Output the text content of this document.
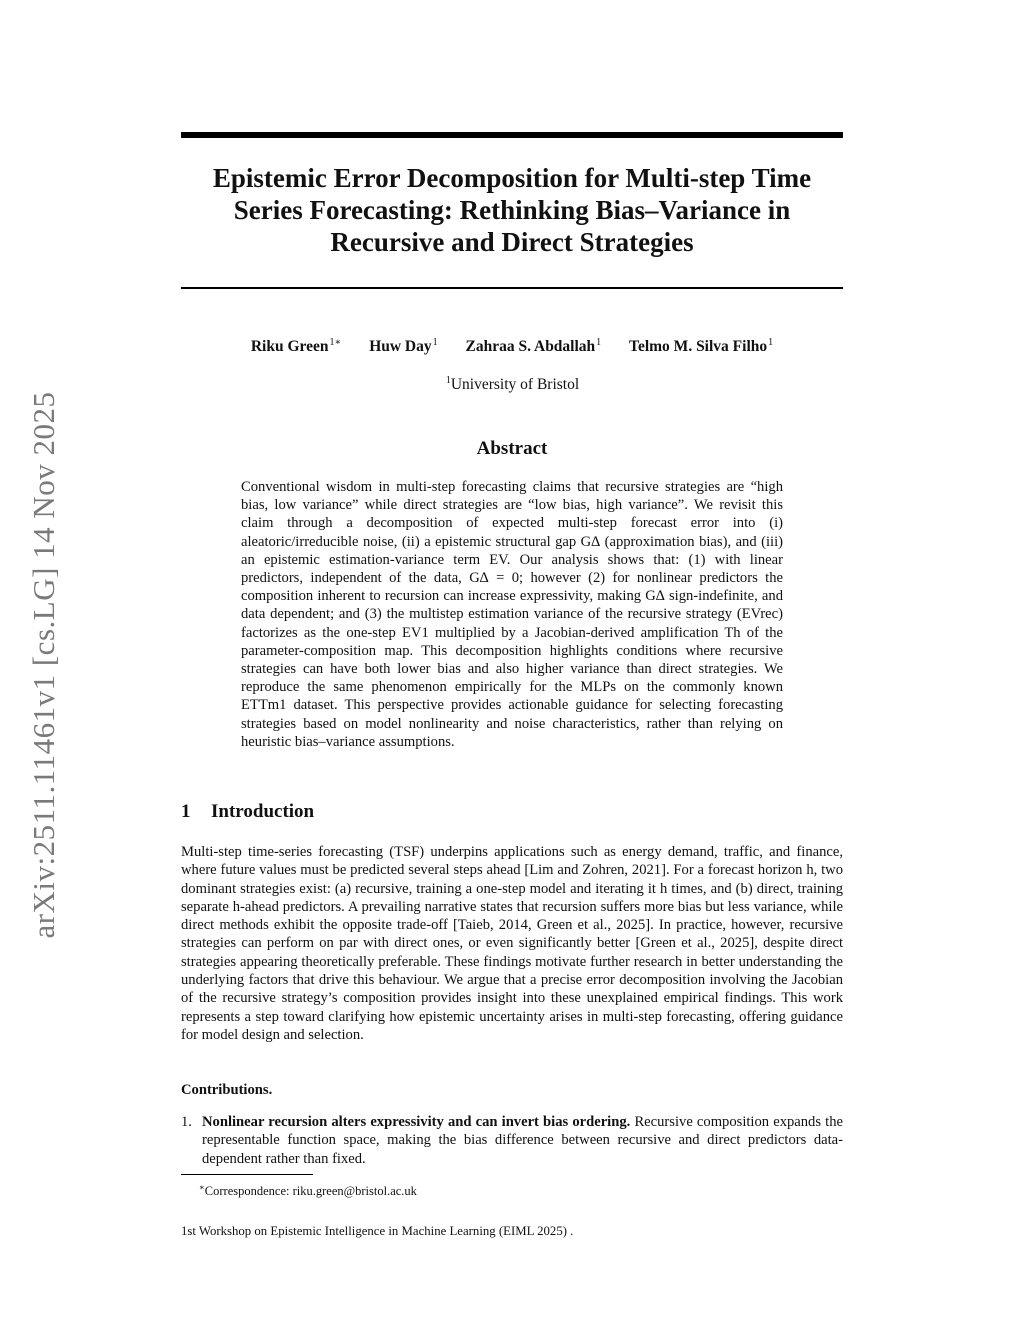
arXiv:2511.11461v1 [cs.LG] 14 Nov 2025
Epistemic Error Decomposition for Multi-step Time Series Forecasting: Rethinking Bias–Variance in Recursive and Direct Strategies
Riku Green$^{1∗}$ Huw Day$^1$ Zahraa S. Abdallah$^1$ Telmo M. Silva Filho$^1$
$^1$University of Bristol
Abstract

Conventional wisdom in multi-step forecasting claims that recursive strategies are “high bias, low variance” while direct strategies are “low bias, high variance”. We revisit this claim through a decomposition of expected multi-step forecast error into (i) aleatoric/irreducible noise, (ii) a epistemic structural gap G∆ (approximation bias), and (iii) an epistemic estimation-variance term EV. Our analysis shows that: (1) with linear predictors, independent of the data, G∆ = 0; however (2) for nonlinear predictors the composition inherent to recursion can increase expressivity, making G∆ sign-indefinite, and data dependent; and (3) the multistep estimation variance of the recursive strategy (EVrec) factorizes as the one-step EV1 multiplied by a Jacobian-derived amplification Th of the parameter-composition map. This decomposition highlights conditions where recursive strategies can have both lower bias and also higher variance than direct strategies. We reproduce the same phenomenon empirically for the MLPs on the commonly known ETTm1 dataset. This perspective provides actionable guidance for selecting forecasting strategies based on model nonlinearity and noise characteristics, rather than relying on heuristic bias–variance assumptions.

1 Introduction

Multi-step time-series forecasting (TSF) underpins applications such as energy demand, traffic, and finance, where future values must be predicted several steps ahead [Lim and Zohren, 2021]. For a forecast horizon h, two dominant strategies exist: (a) recursive, training a one-step model and iterating it h times, and (b) direct, training separate h-ahead predictors. A prevailing narrative states that recursion suffers more bias but less variance, while direct methods exhibit the opposite trade-off [Taieb, 2014, Green et al., 2025]. In practice, however, recursive strategies can perform on par with direct ones, or even significantly better [Green et al., 2025], despite direct strategies appearing theoretically preferable. These findings motivate further research in better understanding the underlying factors that drive this behaviour. We argue that a precise error decomposition involving the Jacobian of the recursive strategy’s composition provides insight into these unexplained empirical findings. This work represents a step toward clarifying how epistemic uncertainty arises in multi-step forecasting, offering guidance for model design and selection.

Contributions.
1. Nonlinear recursion alters expressivity and can invert bias ordering. Recursive composition expands the representable function space, making the bias difference between recursive and direct predictors data-dependent rather than fixed.

∗Correspondence: riku.green@bristol.ac.uk

1st Workshop on Epistemic Intelligence in Machine Learning (EIML 2025) .
